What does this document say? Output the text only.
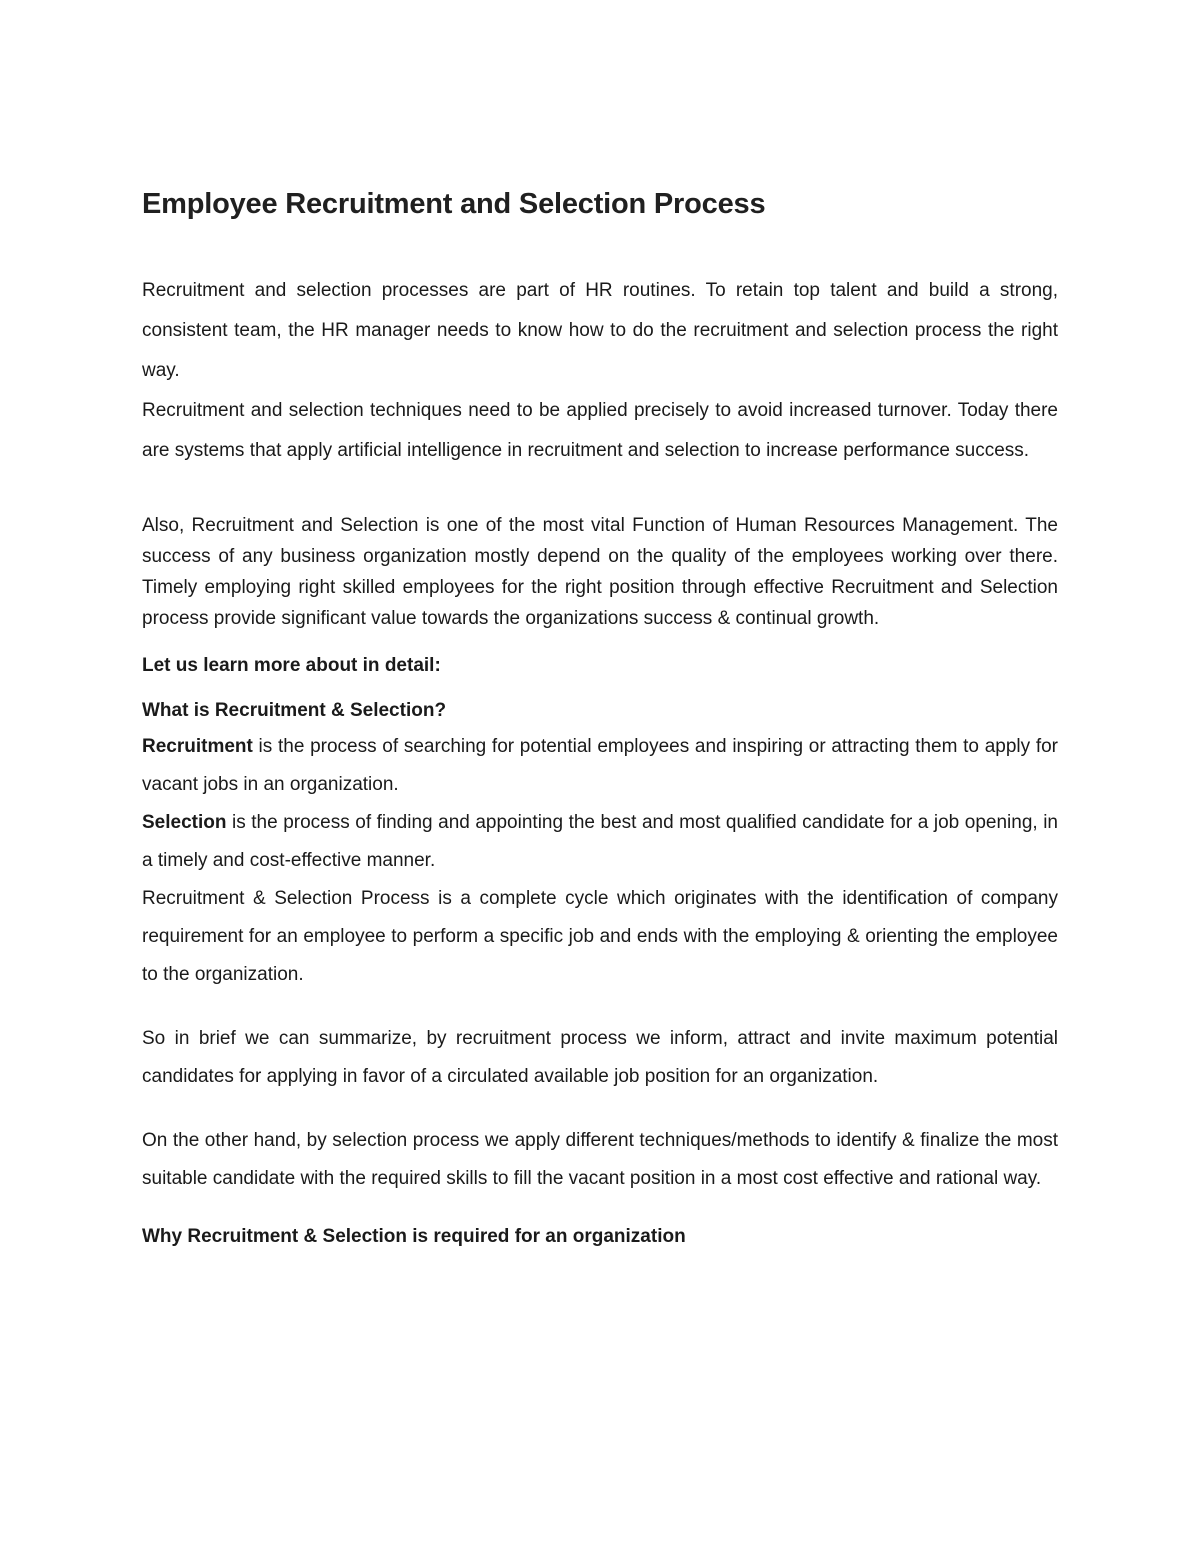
Employee Recruitment and Selection Process

Recruitment and selection processes are part of HR routines. To retain top talent and build a strong, consistent team, the HR manager needs to know how to do the recruitment and selection process the right way.

Recruitment and selection techniques need to be applied precisely to avoid increased turnover. Today there are systems that apply artificial intelligence in recruitment and selection to increase performance success.

Also, Recruitment and Selection is one of the most vital Function of Human Resources Management. The success of any business organization mostly depend on the quality of the employees working over there. Timely employing right skilled employees for the right position through effective Recruitment and Selection process provide significant value towards the organizations success & continual growth.

Let us learn more about in detail:

What is Recruitment & Selection?

Recruitment is the process of searching for potential employees and inspiring or attracting them to apply for vacant jobs in an organization.

Selection is the process of finding and appointing the best and most qualified candidate for a job opening, in a timely and cost-effective manner.

Recruitment & Selection Process is a complete cycle which originates with the identification of company requirement for an employee to perform a specific job and ends with the employing & orienting the employee to the organization.

So in brief we can summarize, by recruitment process we inform, attract and invite maximum potential candidates for applying in favor of a circulated available job position for an organization.

On the other hand, by selection process we apply different techniques/methods to identify & finalize the most suitable candidate with the required skills to fill the vacant position in a most cost effective and rational way.

Why Recruitment & Selection is required for an organization
